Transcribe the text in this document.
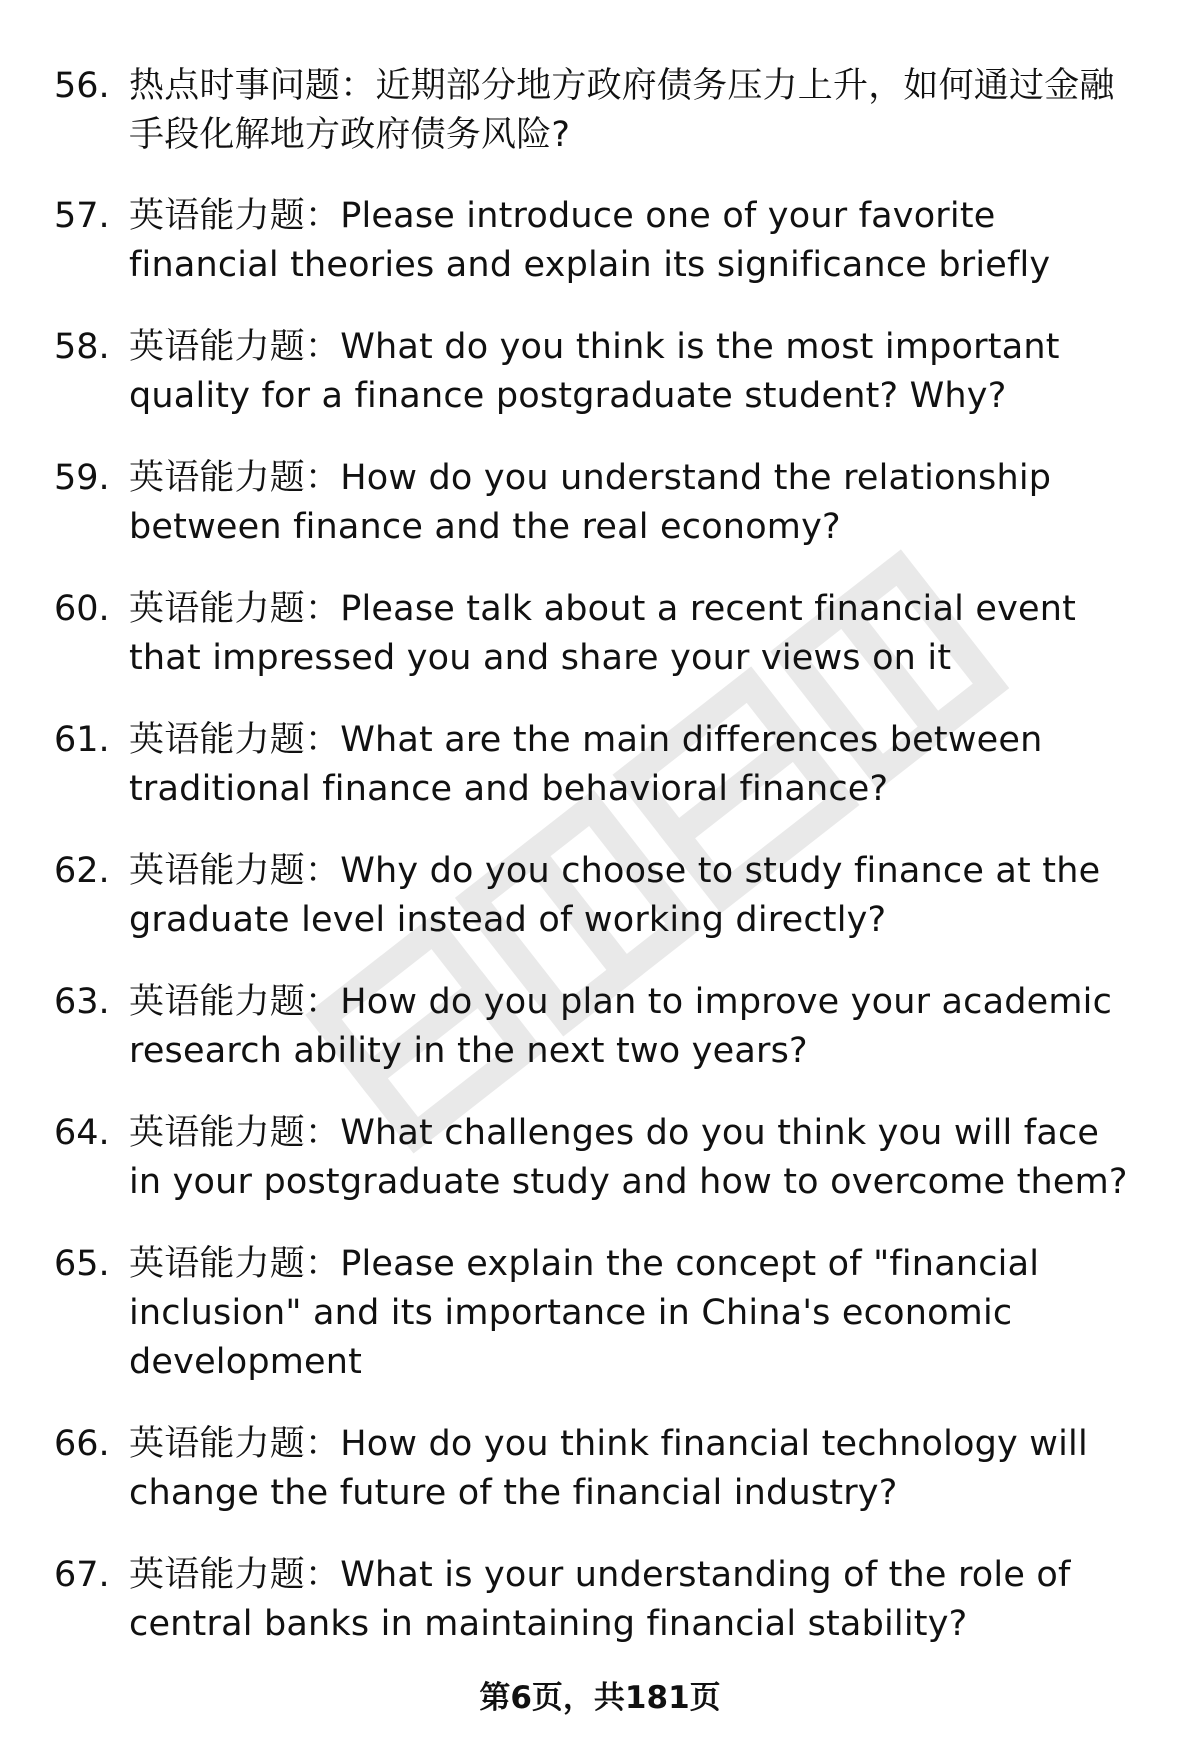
56. 热点时事问题：近期部分地方政府债务压力上升，如何通过金融手段化解地方政府债务风险?
57. 英语能力题：Please introduce one of your favorite financial theories and explain its significance briefly
58. 英语能力题：What do you think is the most important quality for a finance postgraduate student? Why?
59. 英语能力题：How do you understand the relationship between finance and the real economy?
60. 英语能力题：Please talk about a recent financial event that impressed you and share your views on it
61. 英语能力题：What are the main differences between traditional finance and behavioral finance?
62. 英语能力题：Why do you choose to study finance at the graduate level instead of working directly?
63. 英语能力题：How do you plan to improve your academic research ability in the next two years?
64. 英语能力题：What challenges do you think you will face in your postgraduate study and how to overcome them?
65. 英语能力题：Please explain the concept of "financial inclusion" and its importance in China's economic development
66. 英语能力题：How do you think financial technology will change the future of the financial industry?
67. 英语能力题：What is your understanding of the role of central banks in maintaining financial stability?
第6页，共181页
